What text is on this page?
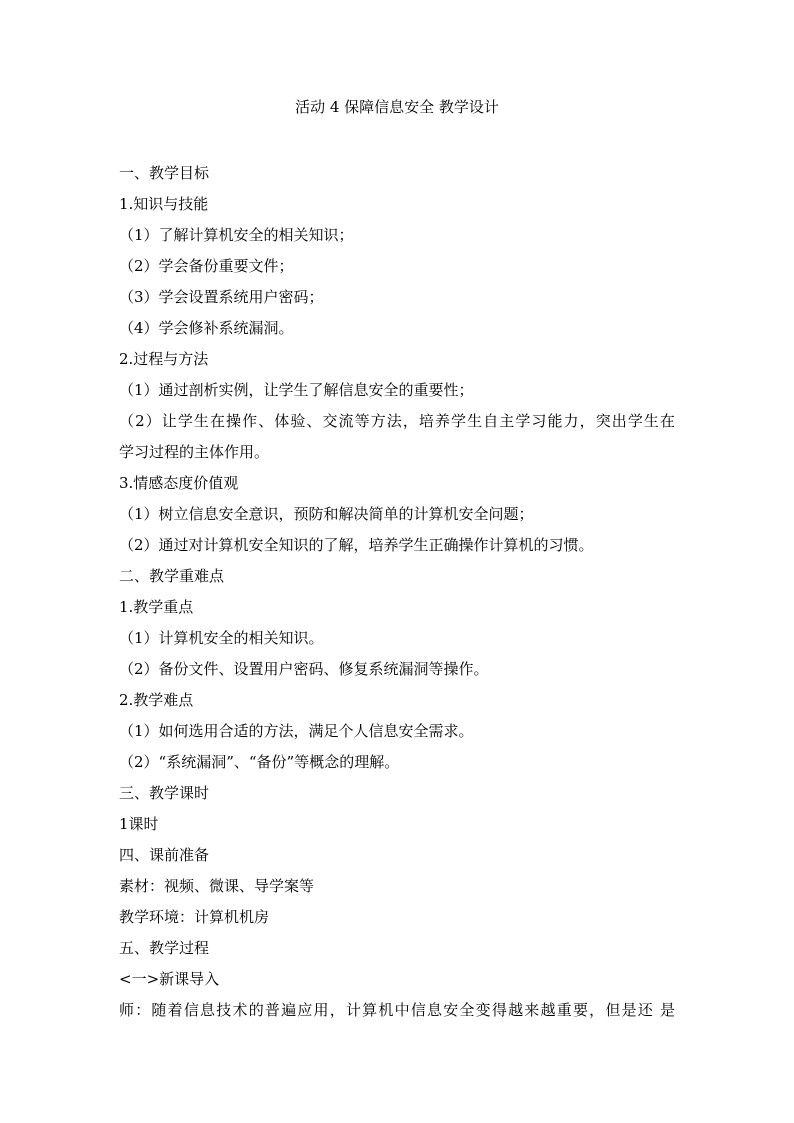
活动 4 保障信息安全 教学设计
一、教学目标
1.知识与技能
（1）了解计算机安全的相关知识；
（2）学会备份重要文件；
（3）学会设置系统用户密码；
（4）学会修补系统漏洞。
2.过程与方法
（1）通过剖析实例，让学生了解信息安全的重要性；
（2）让学生在操作、体验、交流等方法，培养学生自主学习能力，突出学生在
学习过程的主体作用。
3.情感态度价值观
（1）树立信息安全意识，预防和解决简单的计算机安全问题；
（2）通过对计算机安全知识的了解，培养学生正确操作计算机的习惯。
二、教学重难点
1.教学重点
（1）计算机安全的相关知识。
（2）备份文件、设置用户密码、修复系统漏洞等操作。
2.教学难点
（1）如何选用合适的方法，满足个人信息安全需求。
（2）“系统漏洞”、“备份”等概念的理解。
三、教学课时
1课时
四、课前准备
素材：视频、微课、导学案等
教学环境：计算机机房
五、教学过程
<一>新课导入
师：随着信息技术的普遍应用，计算机中信息安全变得越来越重要，但是还 是
